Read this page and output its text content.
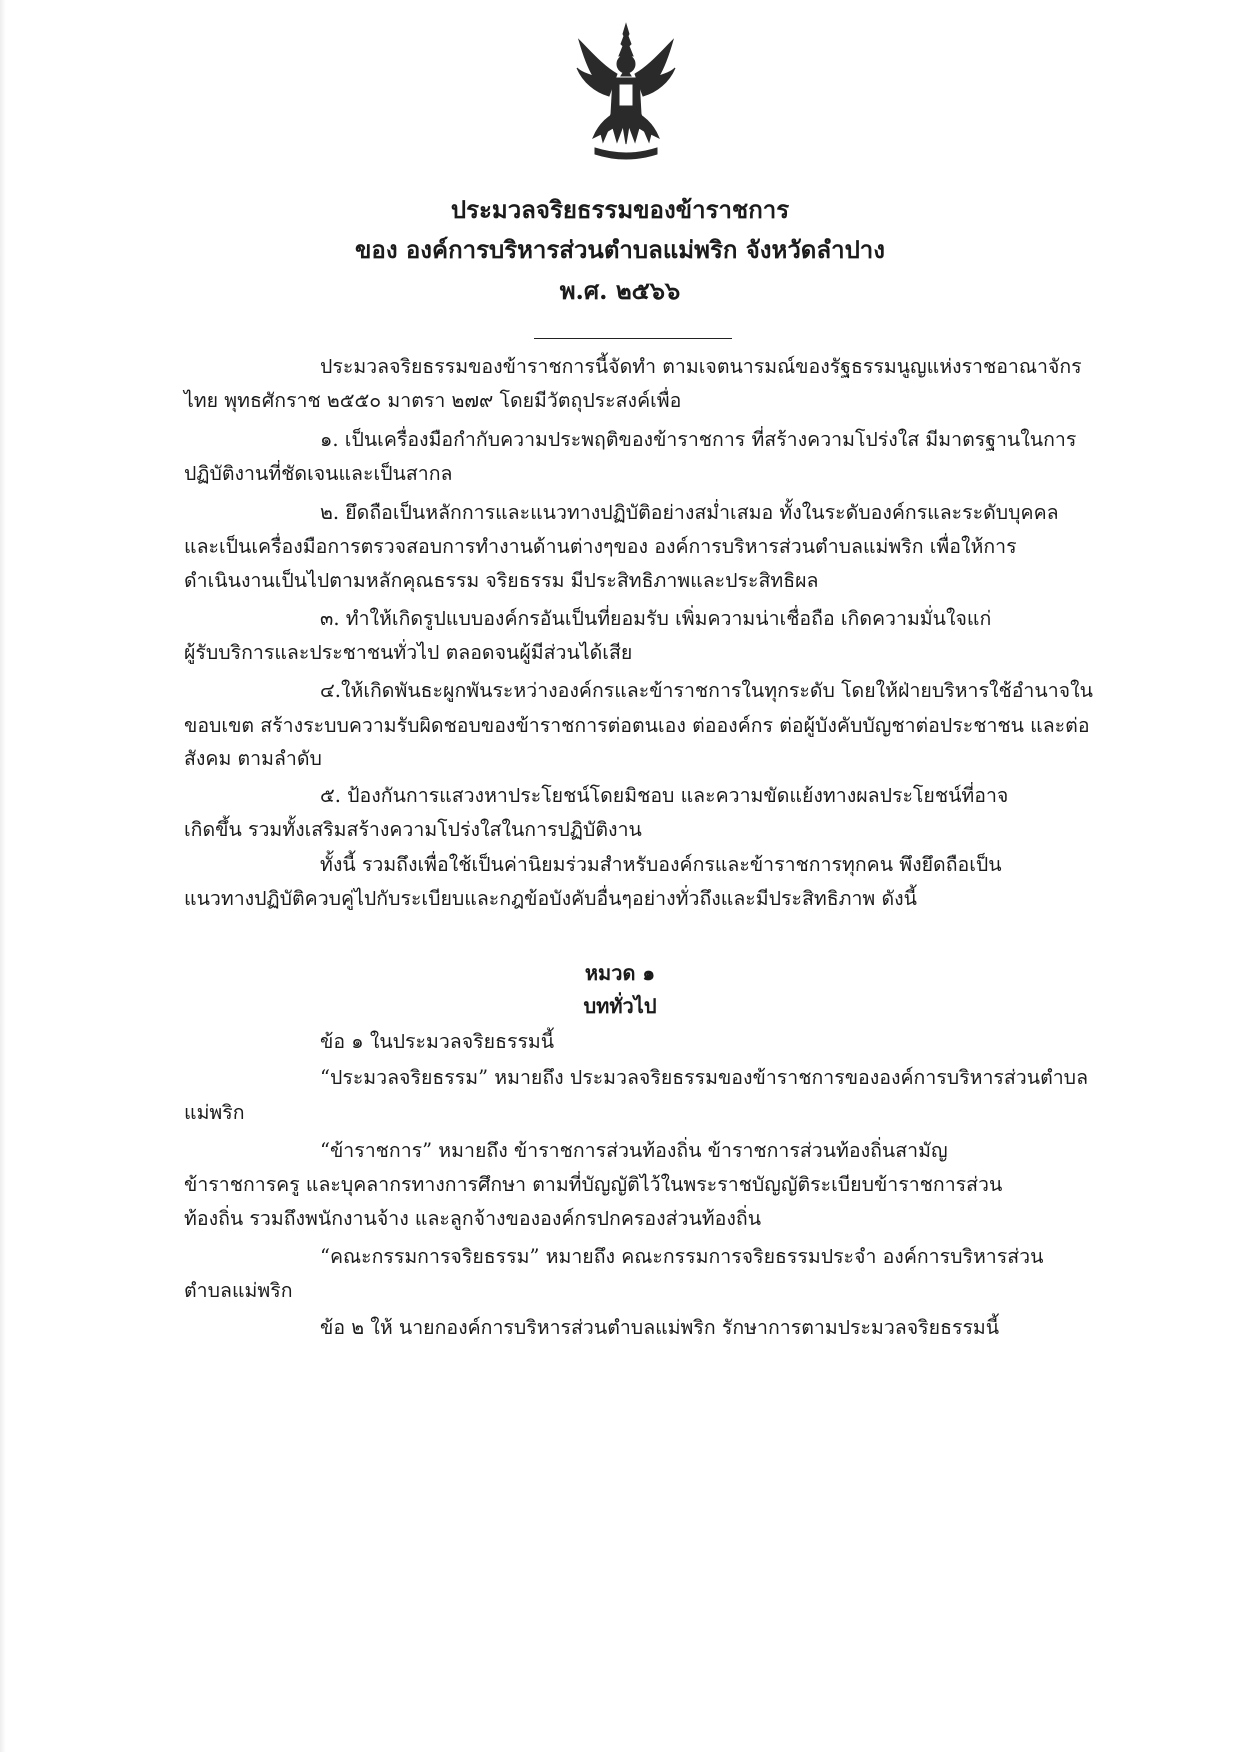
ประมวลจริยธรรมของข้าราชการ
ของ องค์การบริหารส่วนตำบลแม่พริก จังหวัดลำปาง
พ.ศ. ๒๕๖๖
ประมวลจริยธรรมของข้าราชการนี้จัดทำ ตามเจตนารมณ์ของรัฐธรรมนูญแห่งราชอาณาจักร
ไทย พุทธศักราช ๒๕๕๐ มาตรา ๒๗๙ โดยมีวัตถุประสงค์เพื่อ
๑. เป็นเครื่องมือกำกับความประพฤติของข้าราชการ ที่สร้างความโปร่งใส มีมาตรฐานในการ
ปฏิบัติงานที่ชัดเจนและเป็นสากล
๒. ยึดถือเป็นหลักการและแนวทางปฏิบัติอย่างสม่ำเสมอ ทั้งในระดับองค์กรและระดับบุคคล
และเป็นเครื่องมือการตรวจสอบการทำงานด้านต่างๆของ องค์การบริหารส่วนตำบลแม่พริก เพื่อให้การ
ดำเนินงานเป็นไปตามหลักคุณธรรม จริยธรรม มีประสิทธิภาพและประสิทธิผล
๓. ทำให้เกิดรูปแบบองค์กรอันเป็นที่ยอมรับ เพิ่มความน่าเชื่อถือ เกิดความมั่นใจแก่
ผู้รับบริการและประชาชนทั่วไป ตลอดจนผู้มีส่วนได้เสีย
๔.ให้เกิดพันธะผูกพันระหว่างองค์กรและข้าราชการในทุกระดับ โดยให้ฝ่ายบริหารใช้อำนาจใน
ขอบเขต สร้างระบบความรับผิดชอบของข้าราชการต่อตนเอง ต่อองค์กร ต่อผู้บังคับบัญชาต่อประชาชน และต่อ
สังคม ตามลำดับ
๕. ป้องกันการแสวงหาประโยชน์โดยมิชอบ และความขัดแย้งทางผลประโยชน์ที่อาจ
เกิดขึ้น รวมทั้งเสริมสร้างความโปร่งใสในการปฏิบัติงาน
ทั้งนี้ รวมถึงเพื่อใช้เป็นค่านิยมร่วมสำหรับองค์กรและข้าราชการทุกคน พึงยึดถือเป็น
แนวทางปฏิบัติควบคู่ไปกับระเบียบและกฎข้อบังคับอื่นๆอย่างทั่วถึงและมีประสิทธิภาพ ดังนี้
หมวด ๑
บททั่วไป
ข้อ ๑ ในประมวลจริยธรรมนี้
“ประมวลจริยธรรม” หมายถึง ประมวลจริยธรรมของข้าราชการขององค์การบริหารส่วนตำบล
แม่พริก
“ข้าราชการ” หมายถึง ข้าราชการส่วนท้องถิ่น ข้าราชการส่วนท้องถิ่นสามัญ
ข้าราชการครู และบุคลากรทางการศึกษา ตามที่บัญญัติไว้ในพระราชบัญญัติระเบียบข้าราชการส่วน
ท้องถิ่น รวมถึงพนักงานจ้าง และลูกจ้างขององค์กรปกครองส่วนท้องถิ่น
“คณะกรรมการจริยธรรม” หมายถึง คณะกรรมการจริยธรรมประจำ องค์การบริหารส่วน
ตำบลแม่พริก
ข้อ ๒ ให้ นายกองค์การบริหารส่วนตำบลแม่พริก รักษาการตามประมวลจริยธรรมนี้
